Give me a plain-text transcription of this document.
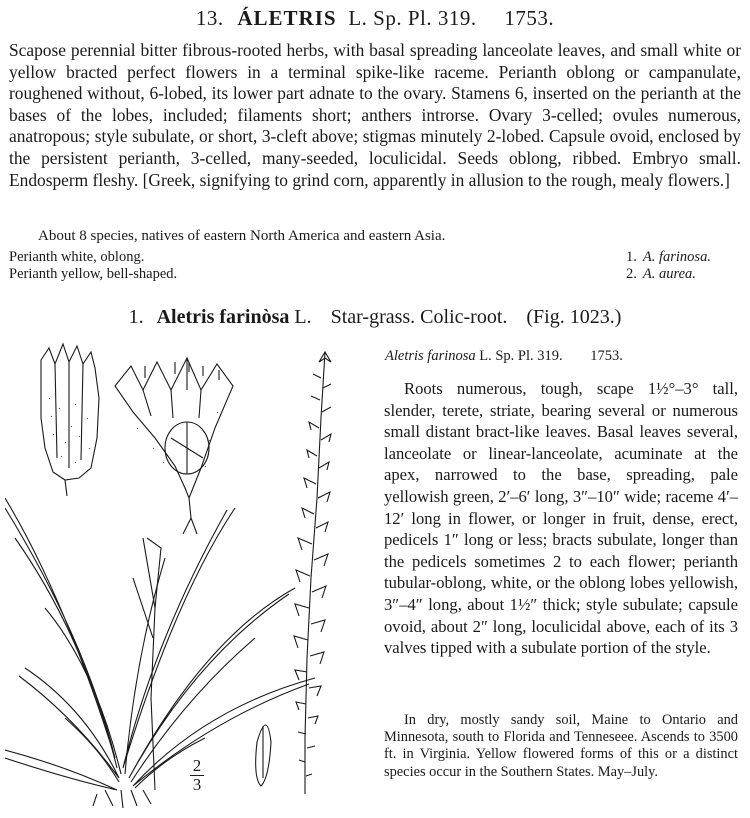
13. ÁLETRIS L. Sp. Pl. 319. 1753.
Scapose perennial bitter fibrous-rooted herbs, with basal spreading lanceolate leaves, and small white or yellow bracted perfect flowers in a terminal spike-like raceme. Perianth oblong or campanulate, roughened without, 6-lobed, its lower part adnate to the ovary. Stamens 6, inserted on the perianth at the bases of the lobes, included; filaments short; anthers introrse. Ovary 3-celled; ovules numerous, anatropous; style subulate, or short, 3-cleft above; stigmas minutely 2-lobed. Capsule ovoid, enclosed by the persistent perianth, 3-celled, many-seeded, loculicidal. Seeds oblong, ribbed. Embryo small. Endosperm fleshy. [Greek, signifying to grind corn, apparently in allusion to the rough, mealy flowers.]
About 8 species, natives of eastern North America and eastern Asia.
Perianth white, oblong.	1. A. farinosa.
Perianth yellow, bell-shaped.	2. A. aurea.
1. Aletris farinòsa L. Star-grass. Colic-root. (Fig. 1023.)
Aletris farinosa L. Sp. Pl. 319. 1753.

Roots numerous, tough, scape 1½°–3° tall, slender, terete, striate, bearing several or numerous small distant bract-like leaves. Basal leaves several, lanceolate or linear-lanceolate, acuminate at the apex, narrowed to the base, spreading, pale yellowish green, 2′–6′ long, 3″–10″ wide; raceme 4′–12′ long in flower, or longer in fruit, dense, erect, pedicels 1″ long or less; bracts subulate, longer than the pedicels sometimes 2 to each flower; perianth tubular-oblong, white, or the oblong lobes yellowish, 3″–4″ long, about 1½″ thick; style subulate; capsule ovoid, about 2″ long, loculicidal above, each of its 3 valves tipped with a subulate portion of the style.

In dry, mostly sandy soil, Maine to Ontario and Minnesota, south to Florida and Tenneseee. Ascends to 3500 ft. in Virginia. Yellow flowered forms of this or a distinct species occur in the Southern States. May–July.

2
3
